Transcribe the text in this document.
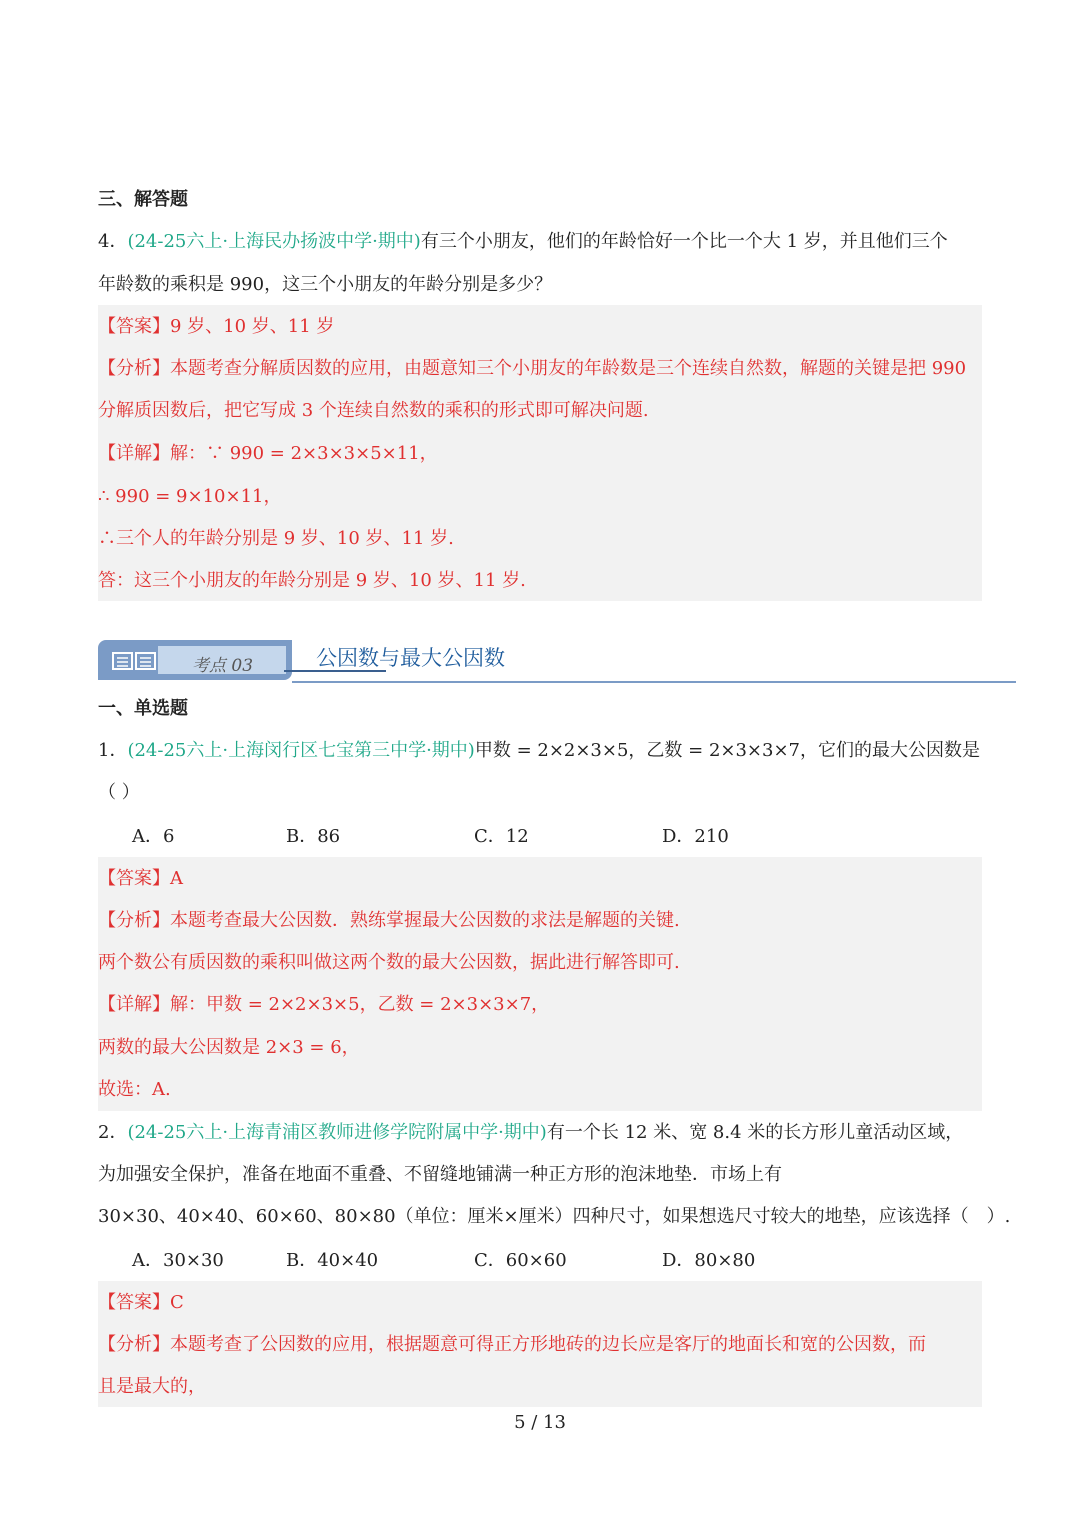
三、解答题
4．(24-25六上·上海民办扬波中学·期中)有三个小朋友，他们的年龄恰好一个比一个大 1 岁，并且他们三个
年龄数的乘积是 990，这三个小朋友的年龄分别是多少？
【答案】9 岁、10 岁、11 岁
【分析】本题考查分解质因数的应用，由题意知三个小朋友的年龄数是三个连续自然数，解题的关键是把 990
分解质因数后，把它写成 3 个连续自然数的乘积的形式即可解决问题.
【详解】解：∵ 990 = 2×3×3×5×11，
∴ 990 = 9×10×11，
∴三个人的年龄分别是 9 岁、10 岁、11 岁.
答：这三个小朋友的年龄分别是 9 岁、10 岁、11 岁.
考点 03	公因数与最大公因数
一、单选题
1．(24-25六上·上海闵行区七宝第三中学·期中)甲数 = 2×2×3×5，乙数 = 2×3×3×7，它们的最大公因数是
（ ）
A．6	B．86	C．12	D．210
【答案】A
【分析】本题考查最大公因数．熟练掌握最大公因数的求法是解题的关键.
两个数公有质因数的乘积叫做这两个数的最大公因数，据此进行解答即可.
【详解】解：甲数 = 2×2×3×5，乙数 = 2×3×3×7，
两数的最大公因数是 2×3 = 6，
故选：A.
2．(24-25六上·上海青浦区教师进修学院附属中学·期中)有一个长 12 米、宽 8.4 米的长方形儿童活动区域，
为加强安全保护，准备在地面不重叠、不留缝地铺满一种正方形的泡沫地垫．市场上有
30×30、40×40、60×60、80×80（单位：厘米×厘米）四种尺寸，如果想选尺寸较大的地垫，应该选择（　）.
A．30×30	B．40×40	C．60×60	D．80×80
【答案】C
【分析】本题考查了公因数的应用，根据题意可得正方形地砖的边长应是客厅的地面长和宽的公因数，而
且是最大的，
5 / 13
